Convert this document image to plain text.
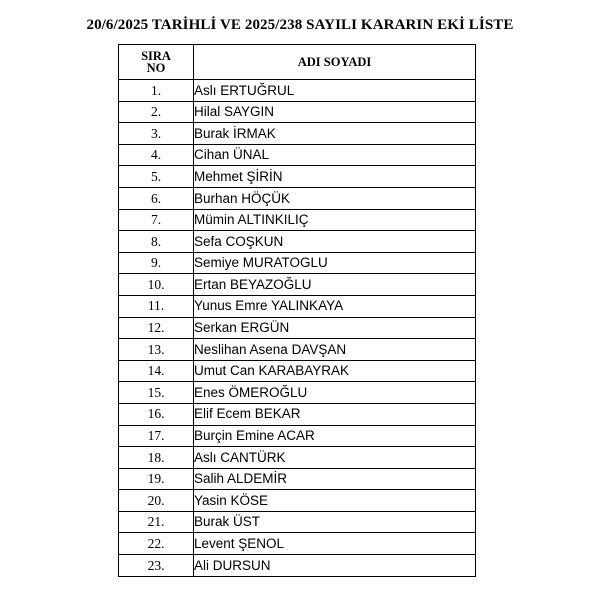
20/6/2025 TARİHLİ VE 2025/238 SAYILI KARARIN EKİ LİSTE
SIRA
NO	ADI SOYADI
1.	Aslı ERTUĞRUL
2.	Hilal SAYGIN
3.	Burak İRMAK
4.	Cihan ÜNAL
5.	Mehmet ŞİRİN
6.	Burhan HÖÇÜK
7.	Mümin ALTINKILIÇ
8.	Sefa COŞKUN
9.	Semiye MURATOGLU
10.	Ertan BEYAZOĞLU
11.	Yunus Emre YALINKAYA
12.	Serkan ERGÜN
13.	Neslihan Asena DAVŞAN
14.	Umut Can KARABAYRAK
15.	Enes ÖMEROĞLU
16.	Elif Ecem BEKAR
17.	Burçin Emine ACAR
18.	Aslı CANTÜRK
19.	Salih ALDEMİR
20.	Yasin KÖSE
21.	Burak ÜST
22.	Levent ŞENOL
23.	Ali DURSUN
